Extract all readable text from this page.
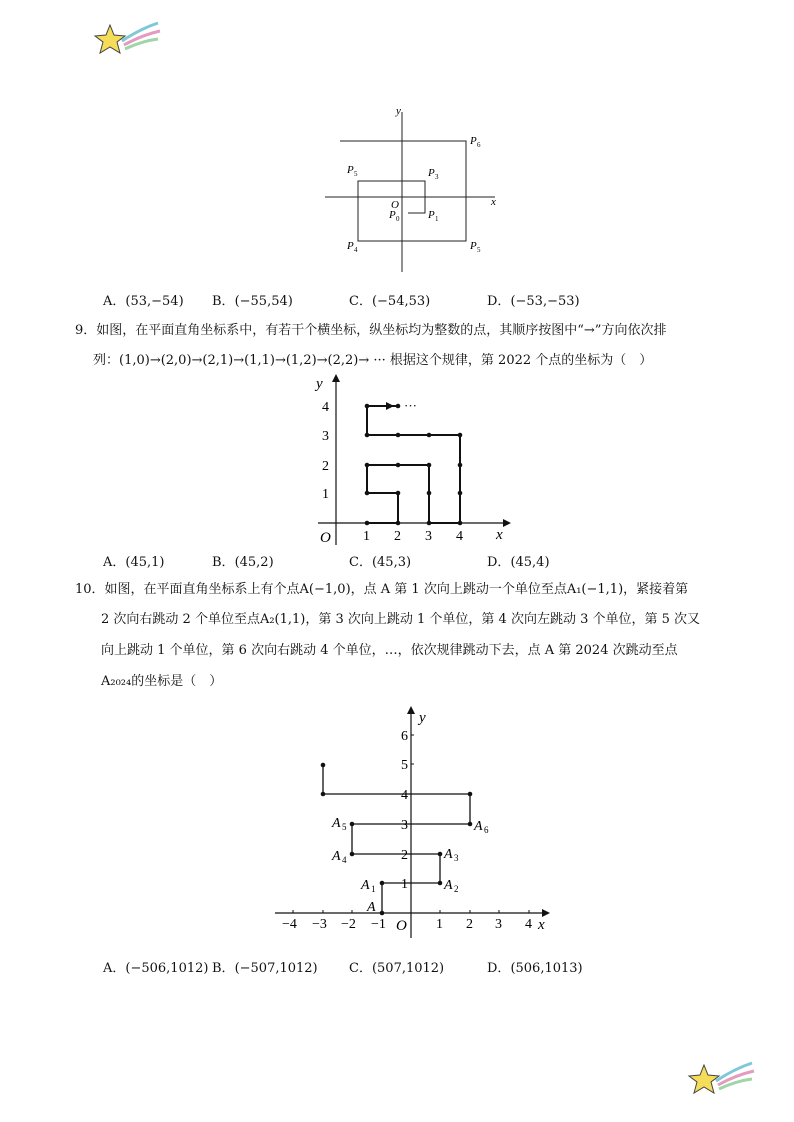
y
x
O
P 6
P 5	P 3
P 0	P 1
P 4	P 5
A．(53,−54) B．(−55,54)	C．(−54,53)	D．(−53,−53)
9．如图，在平面直角坐标系中，有若干个横坐标，纵坐标均为整数的点，其顺序按图中“→”方向依次排
列：(1,0)→(2,0)→(2,1)→(1,1)→(1,2)→(2,2)→ ··· 根据这个规律，第 2022 个点的坐标为（　）
···
y
x
O 1 2 3 4
1
2
3
4
A．(45,1)	B．(45,2)	C．(45,3)	D．(45,4)
10．如图，在平面直角坐标系上有个点A(−1,0)，点 A 第 1 次向上跳动一个单位至点A₁(−1,1)，紧接着第
2 次向右跳动 2 个单位至点A₂(1,1)，第 3 次向上跳动 1 个单位，第 4 次向左跳动 3 个单位，第 5 次又
向上跳动 1 个单位，第 6 次向右跳动 4 个单位，…，依次规律跳动下去，点 A 第 2024 次跳动至点
A₂₀₂₄的坐标是（　）
y
x
O
−4 −3 −2 −1	1 2 3 4
1
2
3
4
5
6
A
A 1	A 2
A 3
A 4
A 5	A 6
A．(−506,1012) B．(−507,1012) C．(507,1012)	D．(506,1013)
